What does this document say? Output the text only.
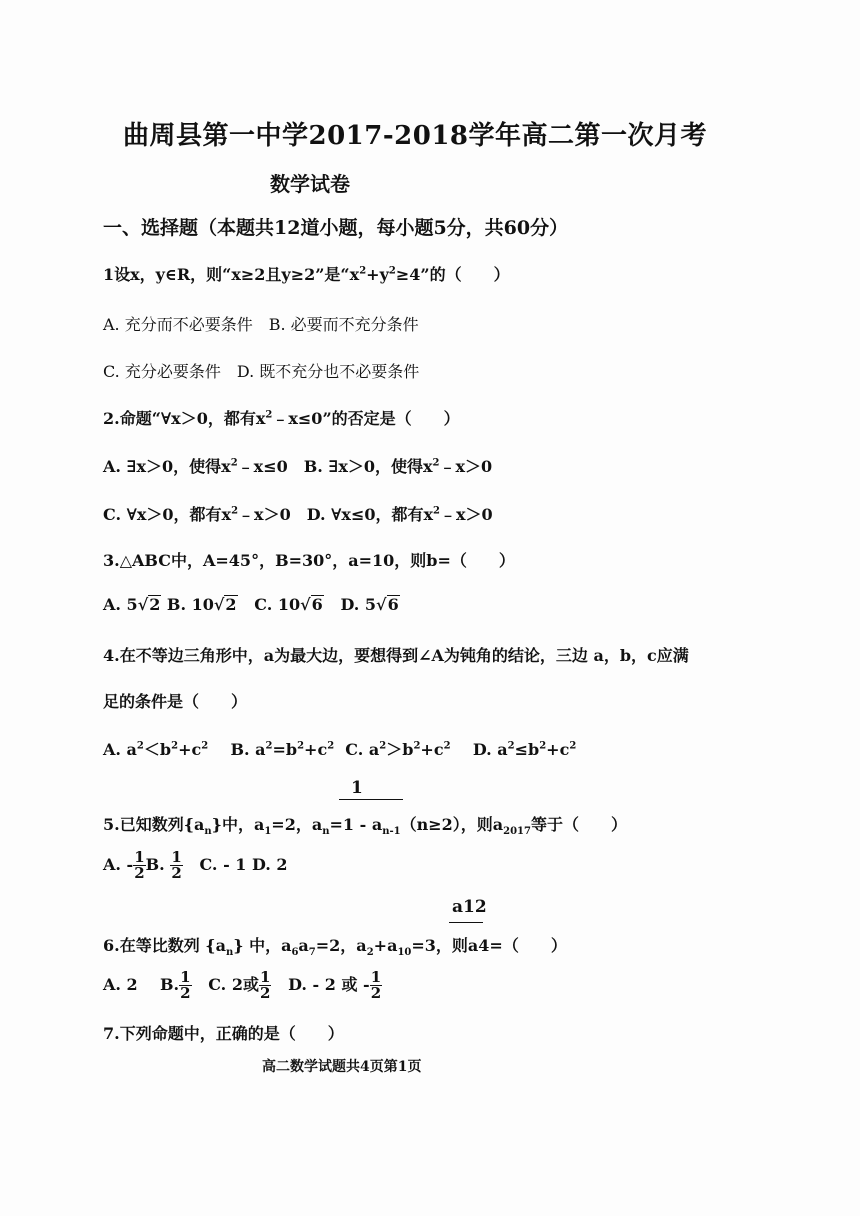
曲周县第一中学2017-2018学年高二第一次月考
数学试卷
一、选择题（本题共12道小题，每小题5分，共60分）
1设x，y∈R，则“x≥2且y≥2”是“$x^2+y^2\ge 4$”的（　　）
A. 充分而不必要条件　B. 必要而不充分条件
C. 充分必要条件　D. 既不充分也不必要条件
2.命题“∀x＞0，都有$x^2﹣x\le 0$”的否定是（　　）
A. ∃x＞0，使得$x^2﹣x\le 0$　B. ∃x＞0，使得$x^2﹣x>0$
C. ∀x＞0，都有$x^2﹣x>0$　D. ∀x≤0，都有$x^2﹣x>0$
3.△ABC中，A=45°，B=30°，a=10，则b=（　　）
A. 5√2 B. 10√2 C. 10√6 D. 5√6
4.在不等边三角形中，a为最大边，要想得到∠A为钝角的结论，三边 a，b，c应满
足的条件是（　　）
A. $a^2<b^2+c^2$ B. $a^2=b^2+c^2$ C. $a^2>b^2+c^2$ D. $a^2\le b^2+c^2$
1
5.已知数列$\{a_n\}$中，$a_1=2$，$a_n=1 - a_{n-1}(n\ge 2)$，则$a_{2017}$等于（　　）
A. - $\frac{1}{2} B$. $\frac{1}{2} C$. - 1 D. 2
a12
6.在等比数列 $\{a_n\}$ 中，$a_6a_7=2$，$a_2+a_{10}=3$，则a4=（　　）
A. 2 B. $\frac{1}{2} C$. 2或 $\frac{1}{2} D$. - 2 或 - $\frac{1}{2}$
7.下列命题中，正确的是（　　）
高二数学试题共4页第1页
